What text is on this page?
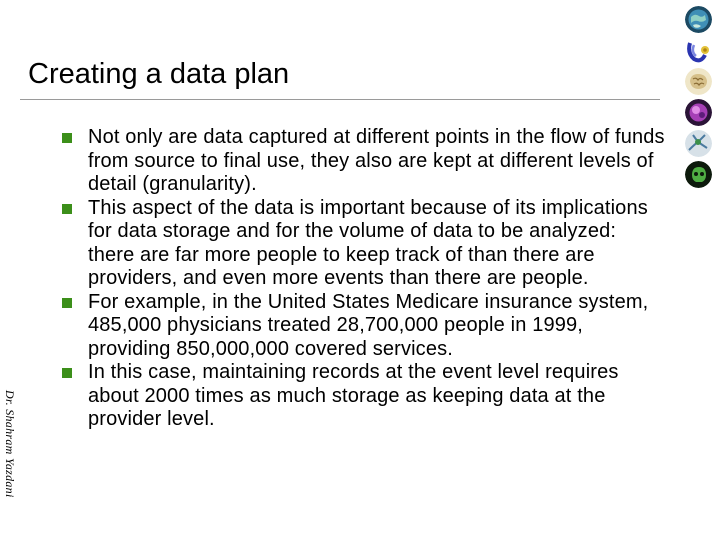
Creating a data plan
Not only are data captured at different points in the flow of funds from source to final use, they also are kept at different levels of detail (granularity).
This aspect of the data is important because of its implications for data storage and for the volume of data to be analyzed: there are far more people to keep track of than there are providers, and even more events than there are people.
For example, in the United States Medicare insurance system, 485,000 physicians treated 28,700,000 people in 1999, providing 850,000,000 covered services.
In this case, maintaining records at the event level requires about 2000 times as much storage as keeping data at the provider level.
Dr. Shahram Yazdani
